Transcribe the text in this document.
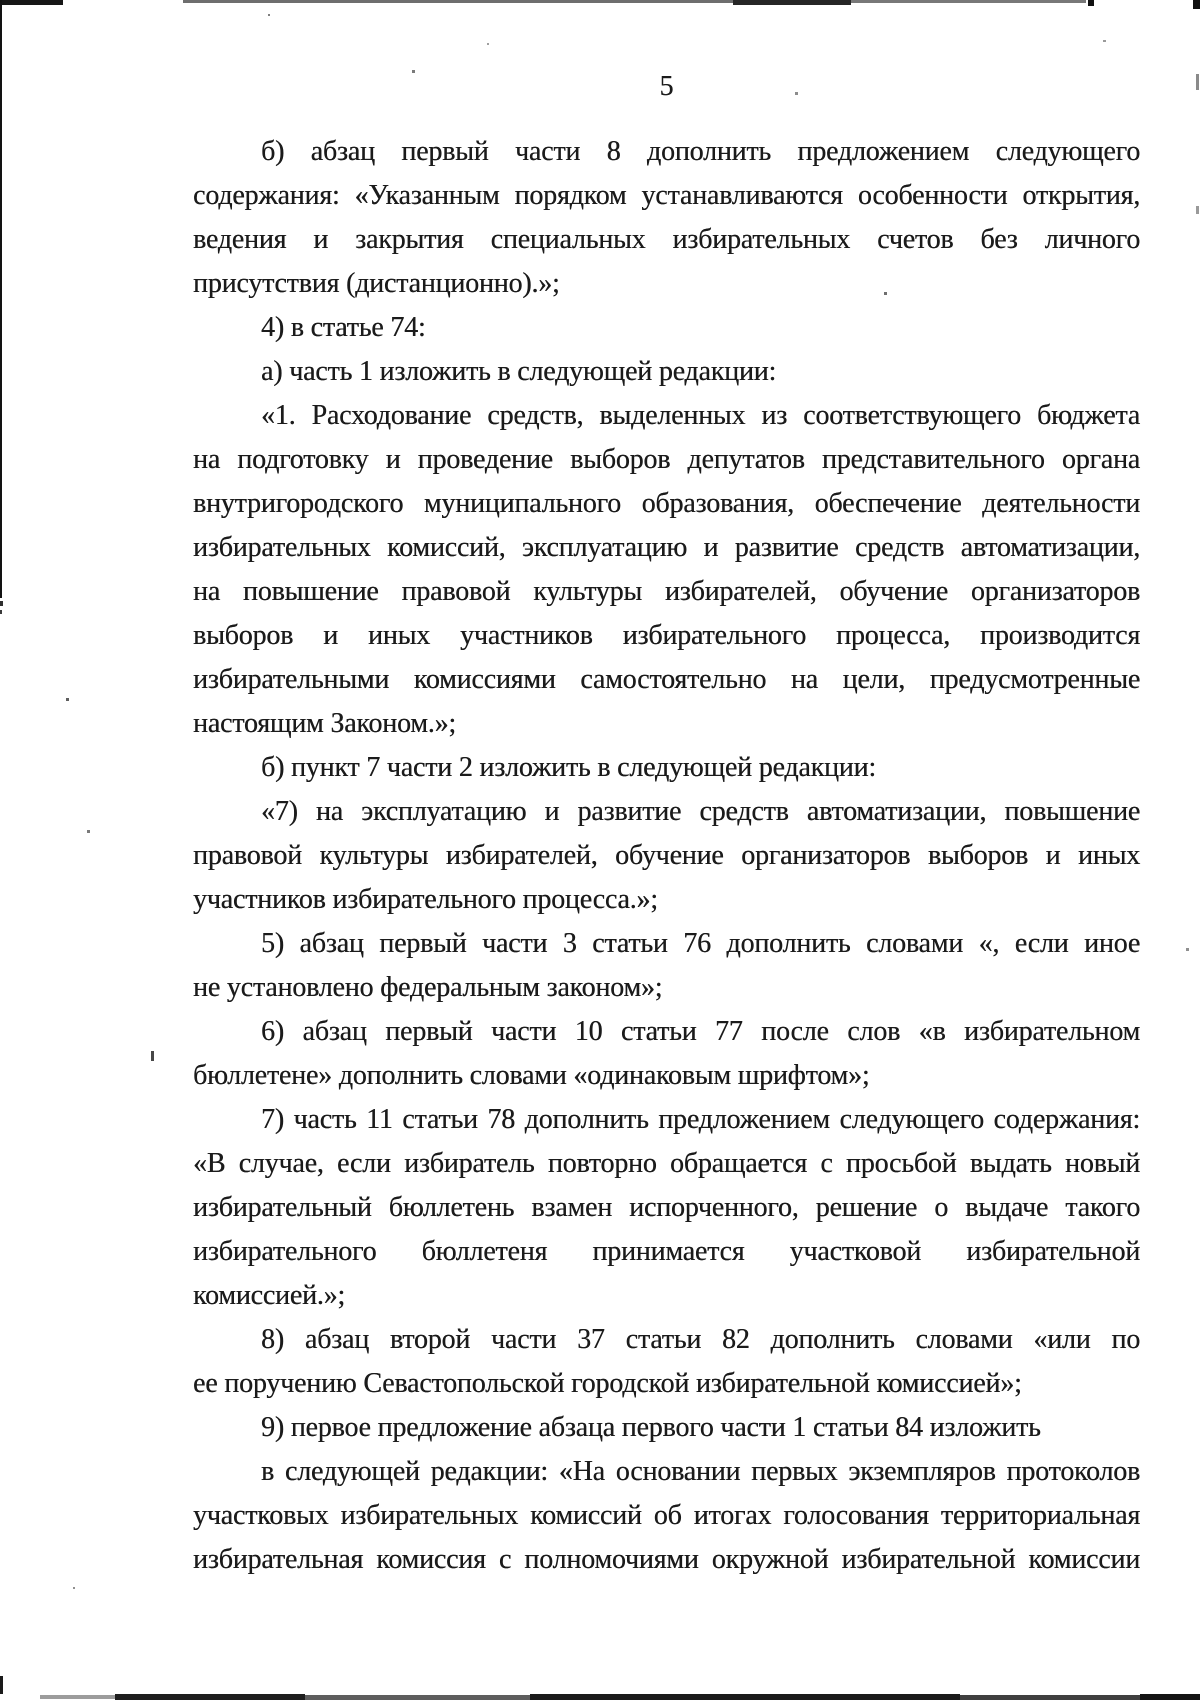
5
б) абзац первый части 8 дополнить предложением следующего
содержания: «Указанным порядком устанавливаются особенности открытия,
ведения и закрытия специальных избирательных счетов без личного
присутствия (дистанционно).»;
4) в статье 74:
а) часть 1 изложить в следующей редакции:
«1. Расходование средств, выделенных из соответствующего бюджета
на подготовку и проведение выборов депутатов представительного органа
внутригородского муниципального образования, обеспечение деятельности
избирательных комиссий, эксплуатацию и развитие средств автоматизации,
на повышение правовой культуры избирателей, обучение организаторов
выборов и иных участников избирательного процесса, производится
избирательными комиссиями самостоятельно на цели, предусмотренные
настоящим Законом.»;
б) пункт 7 части 2 изложить в следующей редакции:
«7) на эксплуатацию и развитие средств автоматизации, повышение
правовой культуры избирателей, обучение организаторов выборов и иных
участников избирательного процесса.»;
5) абзац первый части 3 статьи 76 дополнить словами «, если иное
не установлено федеральным законом»;
6) абзац первый части 10 статьи 77 после слов «в избирательном
бюллетене» дополнить словами «одинаковым шрифтом»;
7) часть 11 статьи 78 дополнить предложением следующего содержания:
«В случае, если избиратель повторно обращается с просьбой выдать новый
избирательный бюллетень взамен испорченного, решение о выдаче такого
избирательного бюллетеня принимается участковой избирательной
комиссией.»;
8) абзац второй части 37 статьи 82 дополнить словами «или по
ее поручению Севастопольской городской избирательной комиссией»;
9) первое предложение абзаца первого части 1 статьи 84 изложить
в следующей редакции: «На основании первых экземпляров протоколов
участковых избирательных комиссий об итогах голосования территориальная
избирательная комиссия с полномочиями окружной избирательной комиссии
